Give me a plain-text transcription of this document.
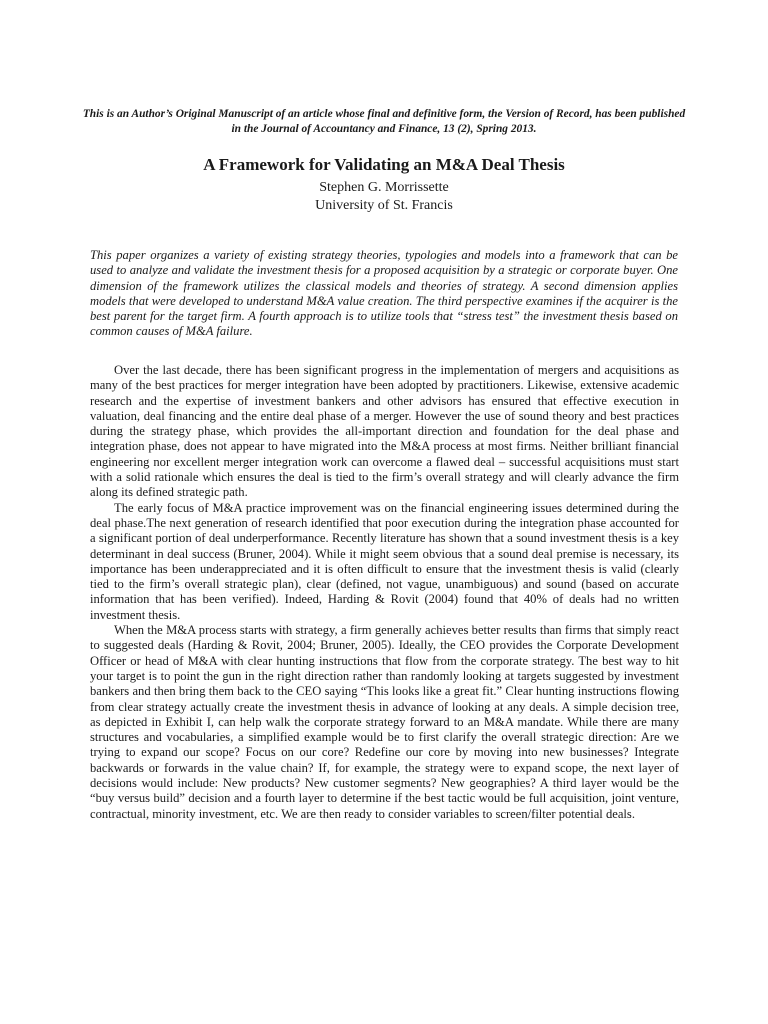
This is an Author’s Original Manuscript of an article whose final and definitive form, the Version of Record, has been published in the Journal of Accountancy and Finance, 13 (2), Spring 2013.
A Framework for Validating an M&A Deal Thesis
Stephen G. Morrissette
University of St. Francis
This paper organizes a variety of existing strategy theories, typologies and models into a framework that can be used to analyze and validate the investment thesis for a proposed acquisition by a strategic or corporate buyer. One dimension of the framework utilizes the classical models and theories of strategy. A second dimension applies models that were developed to understand M&A value creation. The third perspective examines if the acquirer is the best parent for the target firm. A fourth approach is to utilize tools that “stress test” the investment thesis based on common causes of M&A failure.

Over the last decade, there has been significant progress in the implementation of mergers and acquisitions as many of the best practices for merger integration have been adopted by practitioners. Likewise, extensive academic research and the expertise of investment bankers and other advisors has ensured that effective execution in valuation, deal financing and the entire deal phase of a merger. However the use of sound theory and best practices during the strategy phase, which provides the all-important direction and foundation for the deal phase and integration phase, does not appear to have migrated into the M&A process at most firms. Neither brilliant financial engineering nor excellent merger integration work can overcome a flawed deal – successful acquisitions must start with a solid rationale which ensures the deal is tied to the firm’s overall strategy and will clearly advance the firm along its defined strategic path.

The early focus of M&A practice improvement was on the financial engineering issues determined during the deal phase.The next generation of research identified that poor execution during the integration phase accounted for a significant portion of deal underperformance. Recently literature has shown that a sound investment thesis is a key determinant in deal success (Bruner, 2004). While it might seem obvious that a sound deal premise is necessary, its importance has been underappreciated and it is often difficult to ensure that the investment thesis is valid (clearly tied to the firm’s overall strategic plan), clear (defined, not vague, unambiguous) and sound (based on accurate information that has been verified). Indeed, Harding & Rovit (2004) found that 40% of deals had no written investment thesis.

When the M&A process starts with strategy, a firm generally achieves better results than firms that simply react to suggested deals (Harding & Rovit, 2004; Bruner, 2005). Ideally, the CEO provides the Corporate Development Officer or head of M&A with clear hunting instructions that flow from the corporate strategy. The best way to hit your target is to point the gun in the right direction rather than randomly looking at targets suggested by investment bankers and then bring them back to the CEO saying “This looks like a great fit.” Clear hunting instructions flowing from clear strategy actually create the investment thesis in advance of looking at any deals. A simple decision tree, as depicted in Exhibit I, can help walk the corporate strategy forward to an M&A mandate. While there are many structures and vocabularies, a simplified example would be to first clarify the overall strategic direction: Are we trying to expand our scope? Focus on our core? Redefine our core by moving into new businesses? Integrate backwards or forwards in the value chain? If, for example, the strategy were to expand scope, the next layer of decisions would include: New products? New customer segments? New geographies? A third layer would be the “buy versus build” decision and a fourth layer to determine if the best tactic would be full acquisition, joint venture, contractual, minority investment, etc. We are then ready to consider variables to screen/filter potential deals.
